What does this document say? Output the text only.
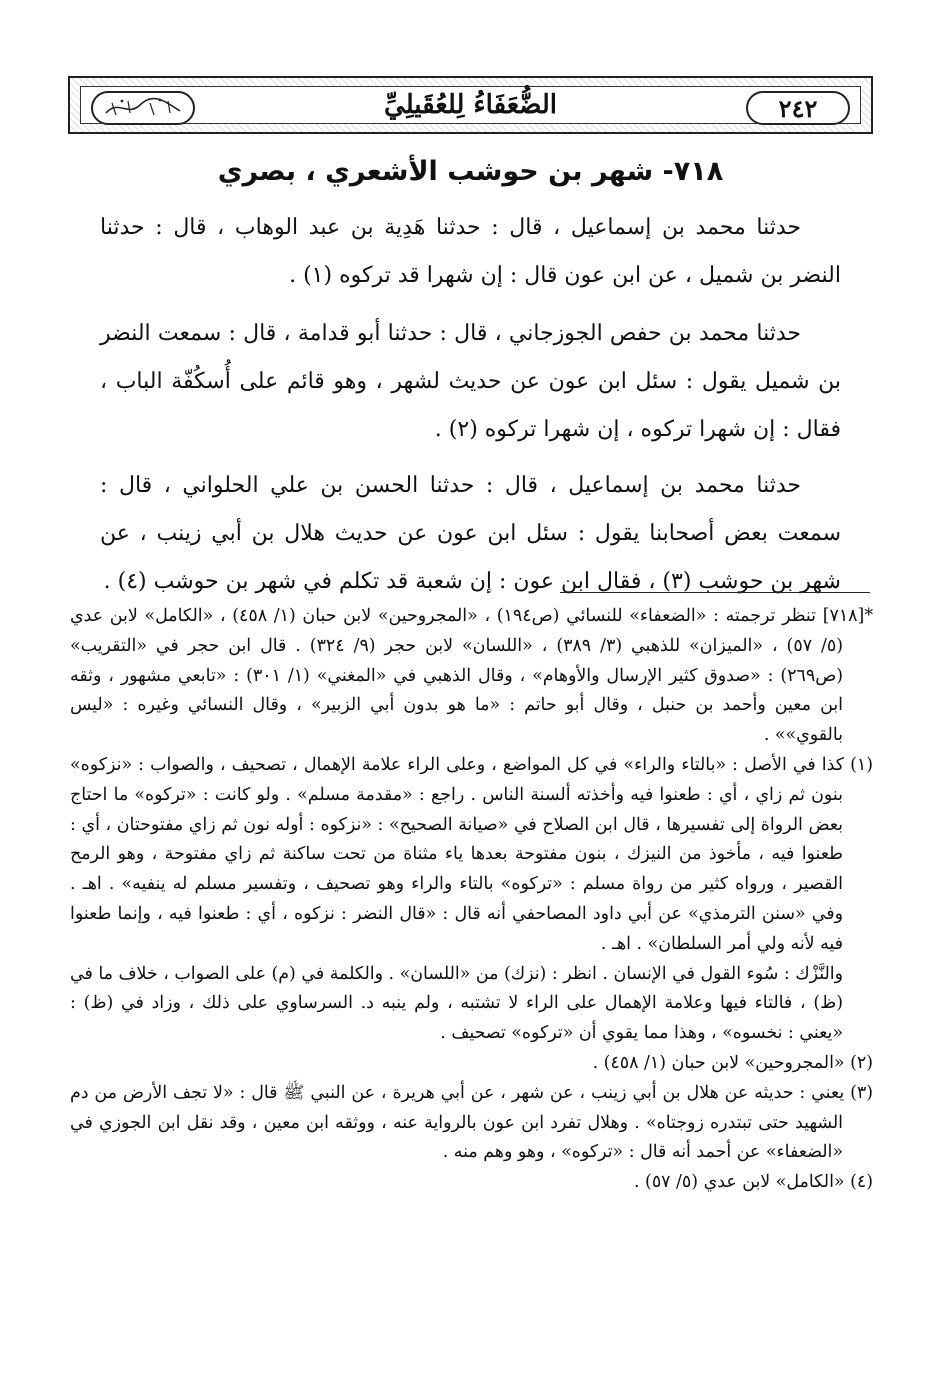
٢٤٢
الضُّعَفَاءُ لِلعُقَيلِيِّ
٧١٨- شهر بن حوشب الأشعري ، بصري

حدثنا محمد بن إسماعيل ، قال : حدثنا هَدِية بن عبد الوهاب ، قال : حدثنا النضر بن شميل ، عن ابن عون قال : إن شهرا قد تركوه (١) .

حدثنا محمد بن حفص الجوزجاني ، قال : حدثنا أبو قدامة ، قال : سمعت النضر بن شميل يقول : سئل ابن عون عن حديث لشهر ، وهو قائم على أُسكُفّة الباب ، فقال : إن شهرا تركوه ، إن شهرا تركوه (٢) .

حدثنا محمد بن إسماعيل ، قال : حدثنا الحسن بن علي الحلواني ، قال : سمعت بعض أصحابنا يقول : سئل ابن عون عن حديث هلال بن أبي زينب ، عن شهر بن حوشب (٣) ، فقال ابن عون : إن شعبة قد تكلم في شهر بن حوشب (٤) .

*[٧١٨] تنظر ترجمته : «الضعفاء» للنسائي (ص١٩٤) ، «المجروحين» لابن حبان (١/ ٤٥٨) ، «الكامل» لابن عدي (٥/ ٥٧) ، «الميزان» للذهبي (٣/ ٣٨٩) ، «اللسان» لابن حجر (٩/ ٣٢٤) . قال ابن حجر في «التقريب» (ص٢٦٩) : «صدوق كثير الإرسال والأوهام» ، وقال الذهبي في «المغني» (١/ ٣٠١) : «تابعي مشهور ، وثقه ابن معين وأحمد بن حنبل ، وقال أبو حاتم : «ما هو بدون أبي الزبير» ، وقال النسائي وغيره : «ليس بالقوي»» .

(١) كذا في الأصل : «بالتاء والراء» في كل المواضع ، وعلى الراء علامة الإهمال ، تصحيف ، والصواب : «نزكوه» بنون ثم زاي ، أي : طعنوا فيه وأخذته ألسنة الناس . راجع : «مقدمة مسلم» . ولو كانت : «تركوه» ما احتاج بعض الرواة إلى تفسيرها ، قال ابن الصلاح في «صيانة الصحيح» : «نزكوه : أوله نون ثم زاي مفتوحتان ، أي : طعنوا فيه ، مأخوذ من النيزك ، بنون مفتوحة بعدها ياء مثناة من تحت ساكنة ثم زاي مفتوحة ، وهو الرمح القصير ، ورواه كثير من رواة مسلم : «تركوه» بالتاء والراء وهو تصحيف ، وتفسير مسلم له ينفيه» . اهـ . وفي «سنن الترمذي» عن أبي داود المصاحفي أنه قال : «قال النضر : نزكوه ، أي : طعنوا فيه ، وإنما طعنوا فيه لأنه ولي أمر السلطان» . اهـ .

والنَّزْك : سُوء القول في الإنسان . انظر : (نزك) من «اللسان» . والكلمة في (م) على الصواب ، خلاف ما في (ظ) ، فالتاء فيها وعلامة الإهمال على الراء لا تشتبه ، ولم ينبه د. السرساوي على ذلك ، وزاد في (ظ) : «يعني : نخسوه» ، وهذا مما يقوي أن «تركوه» تصحيف .

(٢) «المجروحين» لابن حبان (١/ ٤٥٨) .

(٣) يعني : حديثه عن هلال بن أبي زينب ، عن شهر ، عن أبي هريرة ، عن النبي ﷺ قال : «لا تجف الأرض من دم الشهيد حتى تبتدره زوجتاه» . وهلال تفرد ابن عون بالرواية عنه ، ووثقه ابن معين ، وقد نقل ابن الجوزي في «الضعفاء» عن أحمد أنه قال : «تركوه» ، وهو وهم منه .

(٤) «الكامل» لابن عدي (٥/ ٥٧) .
